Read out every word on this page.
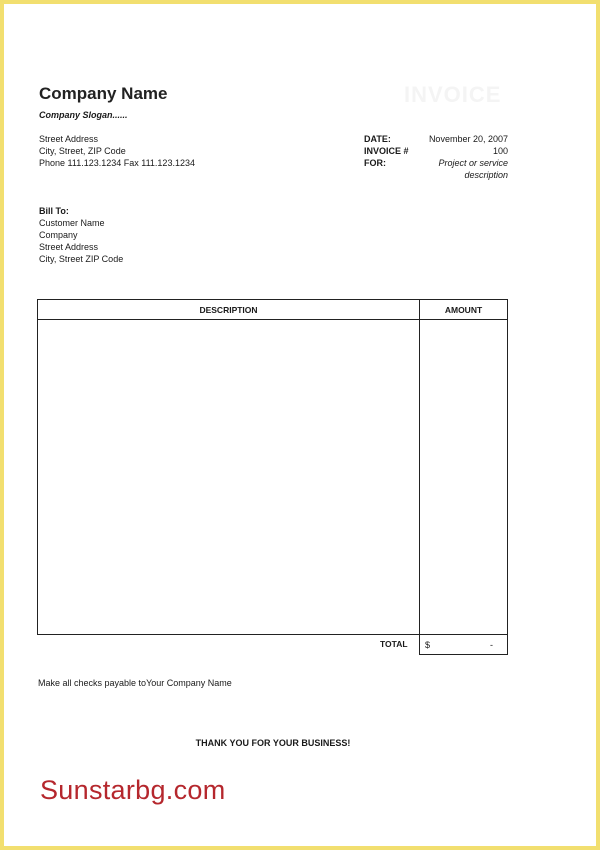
Company Name
Company Slogan......
INVOICE
Street Address
City, Street, ZIP Code
Phone 111.123.1234 Fax 111.123.1234
DATE:
INVOICE #
FOR:
November 20, 2007
100
Project or service
description
Bill To:
Customer Name
Company
Street Address
City, Street ZIP Code
DESCRIPTION	AMOUNT
TOTAL $	-
Make all checks payable toYour Company Name
THANK YOU FOR YOUR BUSINESS!
Sunstarbg.com
